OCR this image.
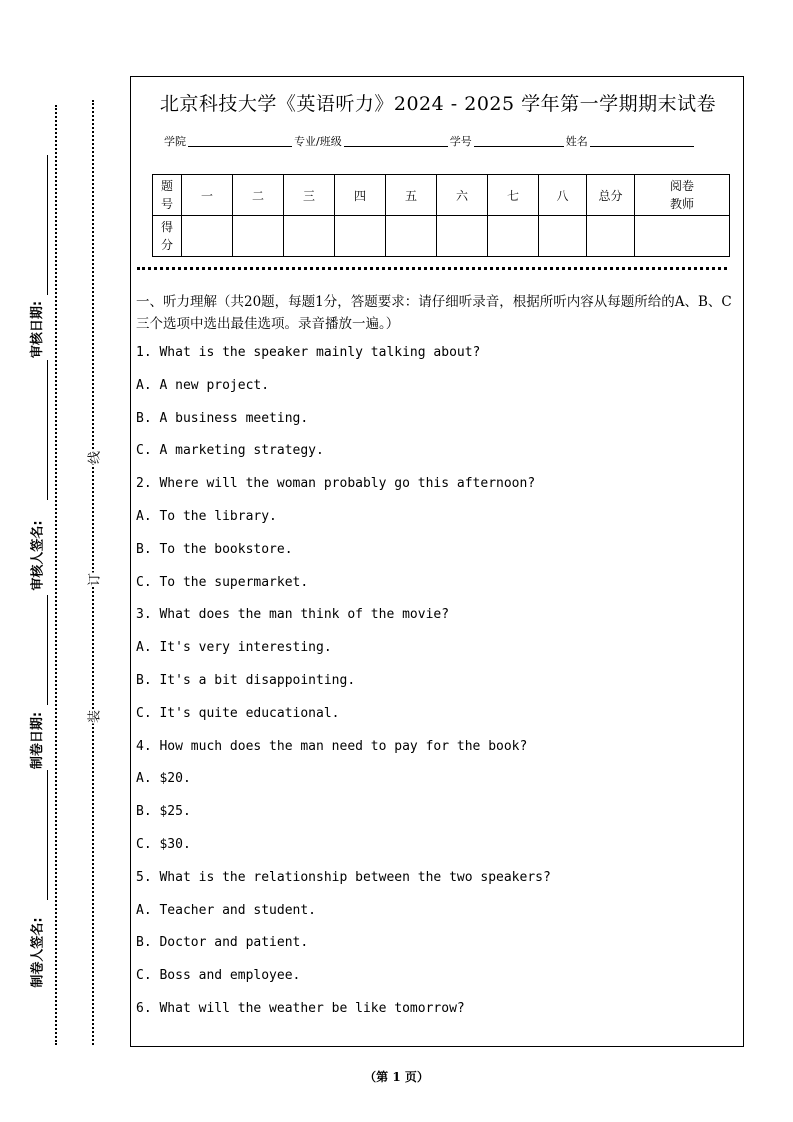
审核日期:
审核人签名:
制卷日期:
制卷人签名:
线
订
装
北京科技大学《英语听力》2024 - 2025 学年第一学期期末试卷
学院	专业/班级	学号	姓名
题号	一	二	三	四	五	六	七	八	总分	阅卷教师
得分										
一、听力理解（共20题，每题1分，答题要求：请仔细听录音，根据所听内容从每题所给的A、B、C三个选项中选出最佳选项。录音播放一遍。）
1. What is the speaker mainly talking about?
A. A new project.
B. A business meeting.
C. A marketing strategy.
2. Where will the woman probably go this afternoon?
A. To the library.
B. To the bookstore.
C. To the supermarket.
3. What does the man think of the movie?
A. It's very interesting.
B. It's a bit disappointing.
C. It's quite educational.
4. How much does the man need to pay for the book?
A. $20.
B. $25.
C. $30.
5. What is the relationship between the two speakers?
A. Teacher and student.
B. Doctor and patient.
C. Boss and employee.
6. What will the weather be like tomorrow?
（第 1 页）
